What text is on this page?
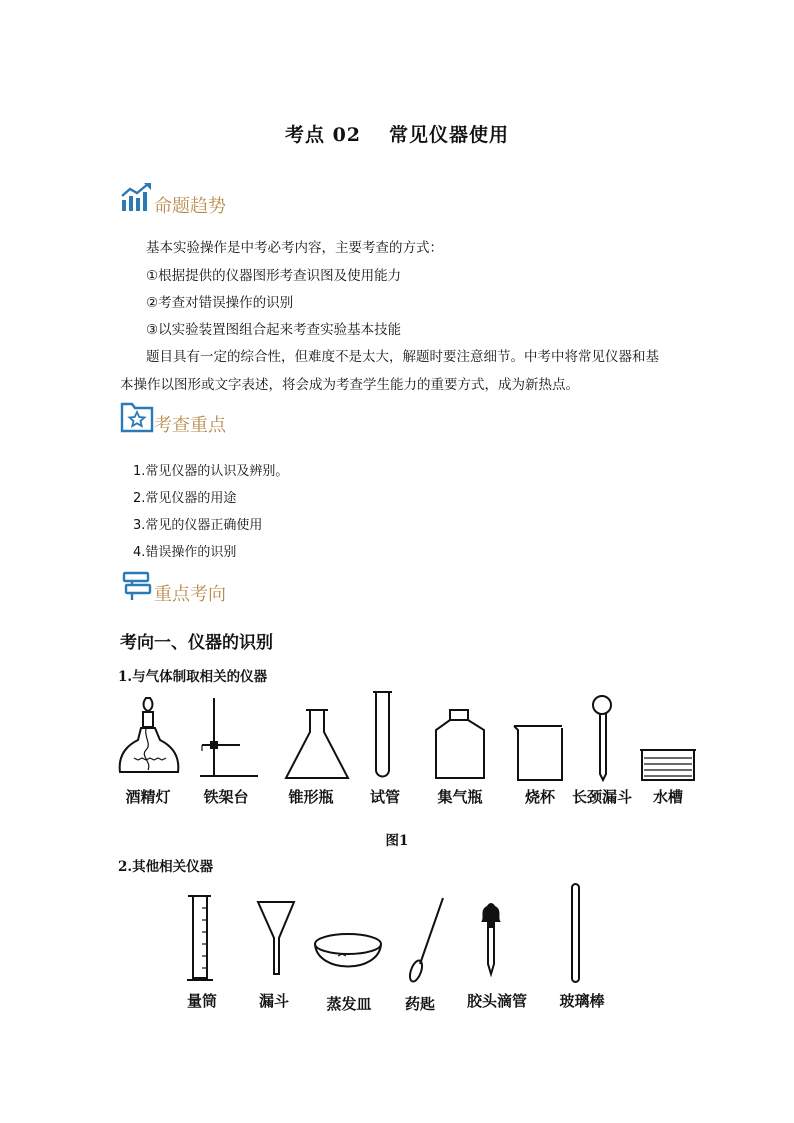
考点 02 常见仪器使用
命题趋势
基本实验操作是中考必考内容，主要考查的方式：
①根据提供的仪器图形考查识图及使用能力
②考查对错误操作的识别
③以实验装置图组合起来考查实验基本技能
题目具有一定的综合性，但难度不是太大，解题时要注意细节。中考中将常见仪器和基
本操作以图形或文字表述，将会成为考查学生能力的重要方式，成为新热点。
考查重点
1.常见仪器的认识及辨别。
2.常见仪器的用途
3.常见的仪器正确使用
4.错误操作的识别
重点考向
考向一、仪器的识别
1.与气体制取相关的仪器
酒精灯	铁架台	锥形瓶	试管	集气瓶	烧杯	长颈漏斗	水槽
图1
2.其他相关仪器
量筒	漏斗	蒸发皿	药匙	胶头滴管	玻璃棒
